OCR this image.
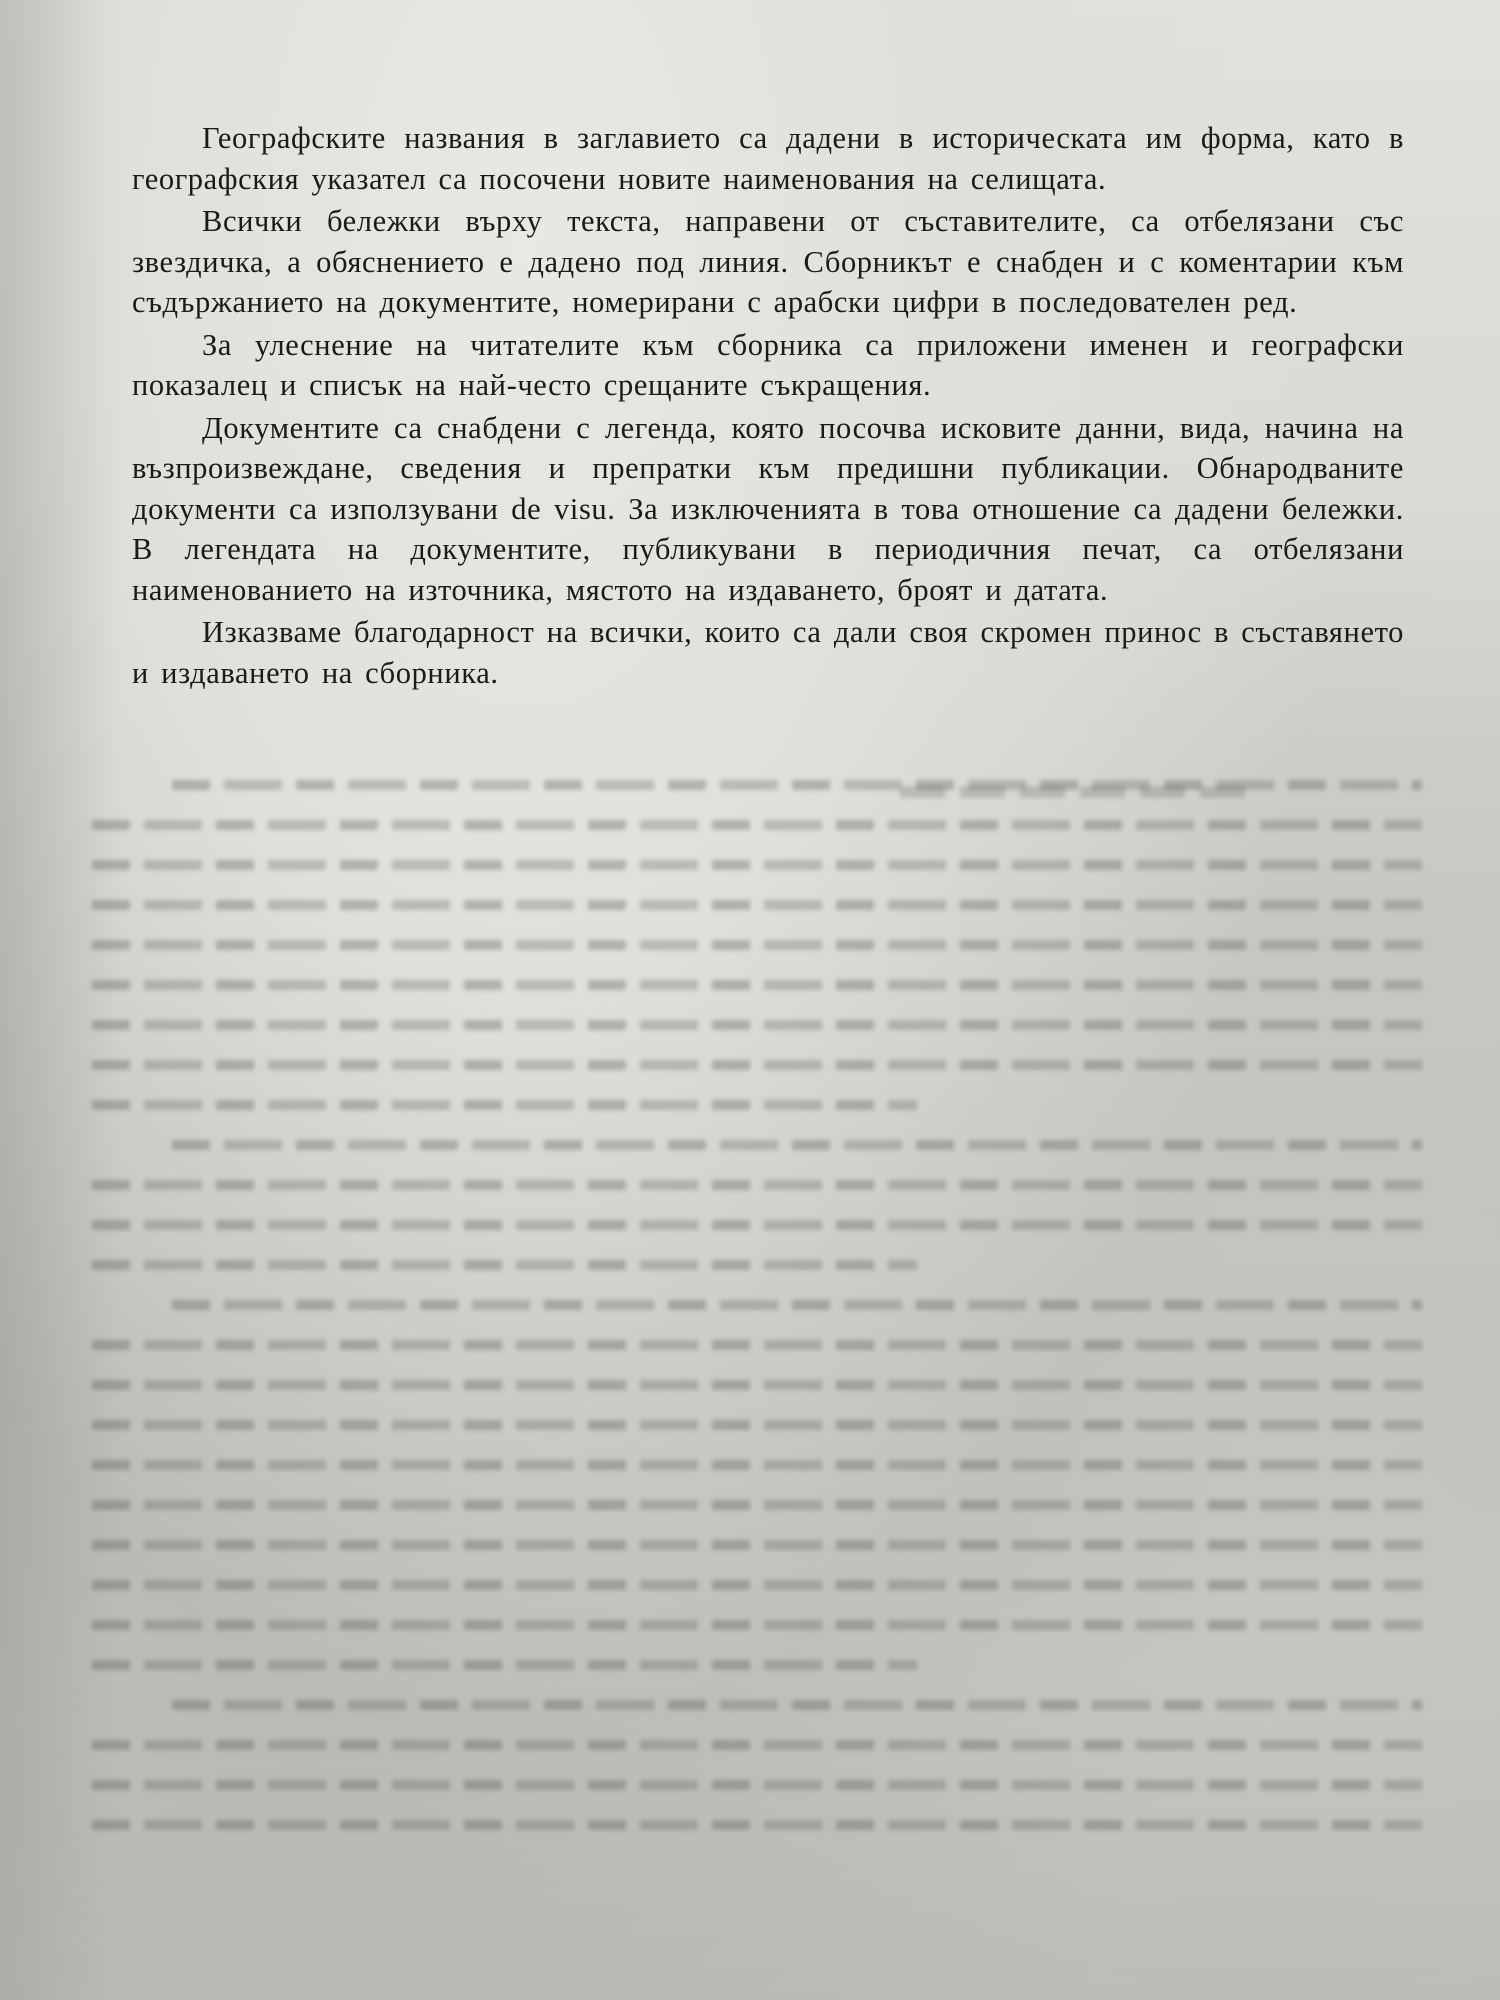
Географските названия в заглавието са дадени в историческата им форма, като в географския указател са посочени новите наименования на селищата.

Всички бележки върху текста, направени от съставителите, са отбелязани със звездичка, а обяснението е дадено под линия. Сборникът е снабден и с коментарии към съдържанието на документите, номерирани с арабски цифри в последователен ред.

За улеснение на читателите към сборника са приложени именен и географски показалец и списък на най-често срещаните съкращения.

Документите са снабдени с легенда, която посочва исковите данни, вида, начина на възпроизвеждане, сведения и препратки към предишни публикации. Обнародваните документи са използувани de visu. За изключенията в това отношение са дадени бележки. В легендата на документите, публикувани в периодичния печат, са отбелязани наименованието на източника, мястото на издаването, броят и датата.

Изказваме благодарност на всички, които са дали своя скромен принос в съставянето и издаването на сборника.
